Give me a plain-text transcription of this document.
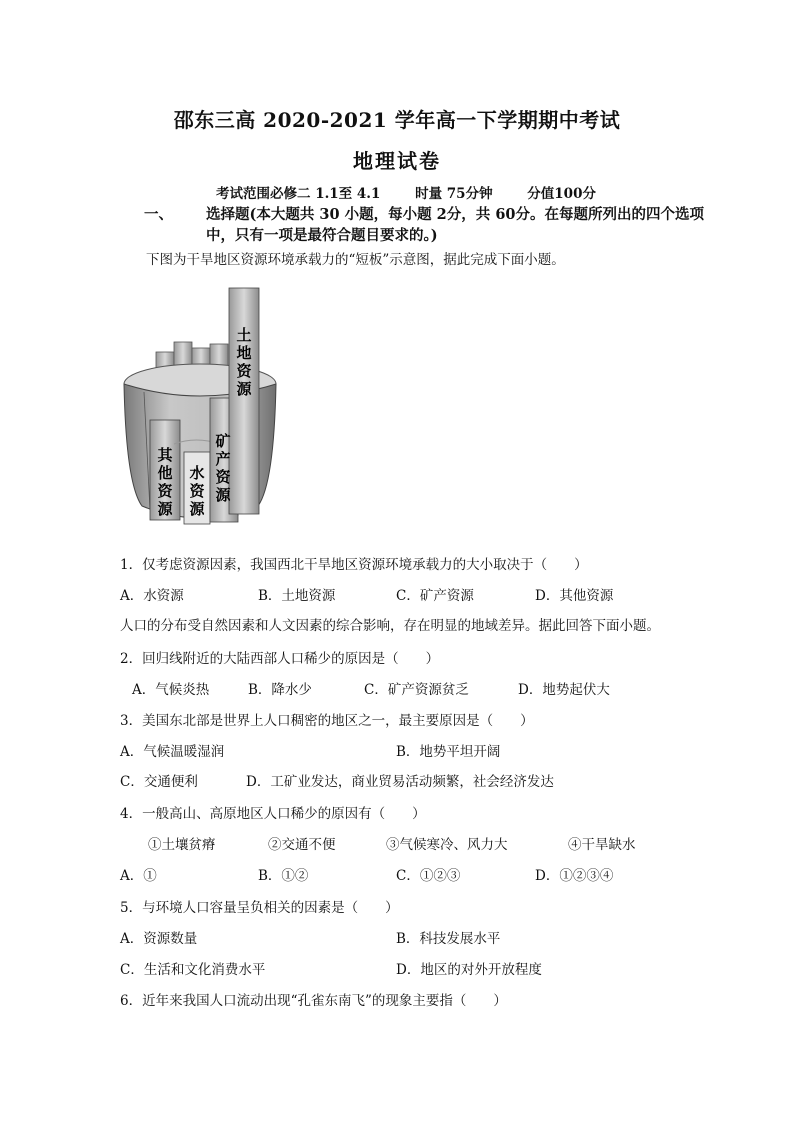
邵东三高 2020-2021 学年高一下学期期中考试
地理试卷
考试范围必修二 1.1至 4.1	时量 75分钟	分值100分
一、 选择题(本大题共 30 小题，每小题 2分，共 60分。在每题所列出的四个选项中，只有一项是最符合题目要求的。)
下图为干旱地区资源环境承载力的“短板”示意图，据此完成下面小题。
土
地
资
源
矿
产
资
源
其
他
资
源
水
资
源
1．仅考虑资源因素，我国西北干旱地区资源环境承载力的大小取决于（　　）
A．水资源	B．土地资源	C．矿产资源	D．其他资源
人口的分布受自然因素和人文因素的综合影响，存在明显的地域差异。据此回答下面小题。
2．回归线附近的大陆西部人口稀少的原因是（　　）
A．气候炎热	B．降水少	C．矿产资源贫乏	D．地势起伏大
3．美国东北部是世界上人口稠密的地区之一，最主要原因是（　　）
A．气候温暖湿润	B．地势平坦开阔
C．交通便利	D．工矿业发达，商业贸易活动频繁，社会经济发达
4．一般高山、高原地区人口稀少的原因有（　　）
①土壤贫瘠	②交通不便	③气候寒冷、风力大	④干旱缺水
A．①	B．①②	C．①②③	D．①②③④
5．与环境人口容量呈负相关的因素是（　　）
A．资源数量	B．科技发展水平
C．生活和文化消费水平	D．地区的对外开放程度
6．近年来我国人口流动出现“孔雀东南飞”的现象主要指（　　）
